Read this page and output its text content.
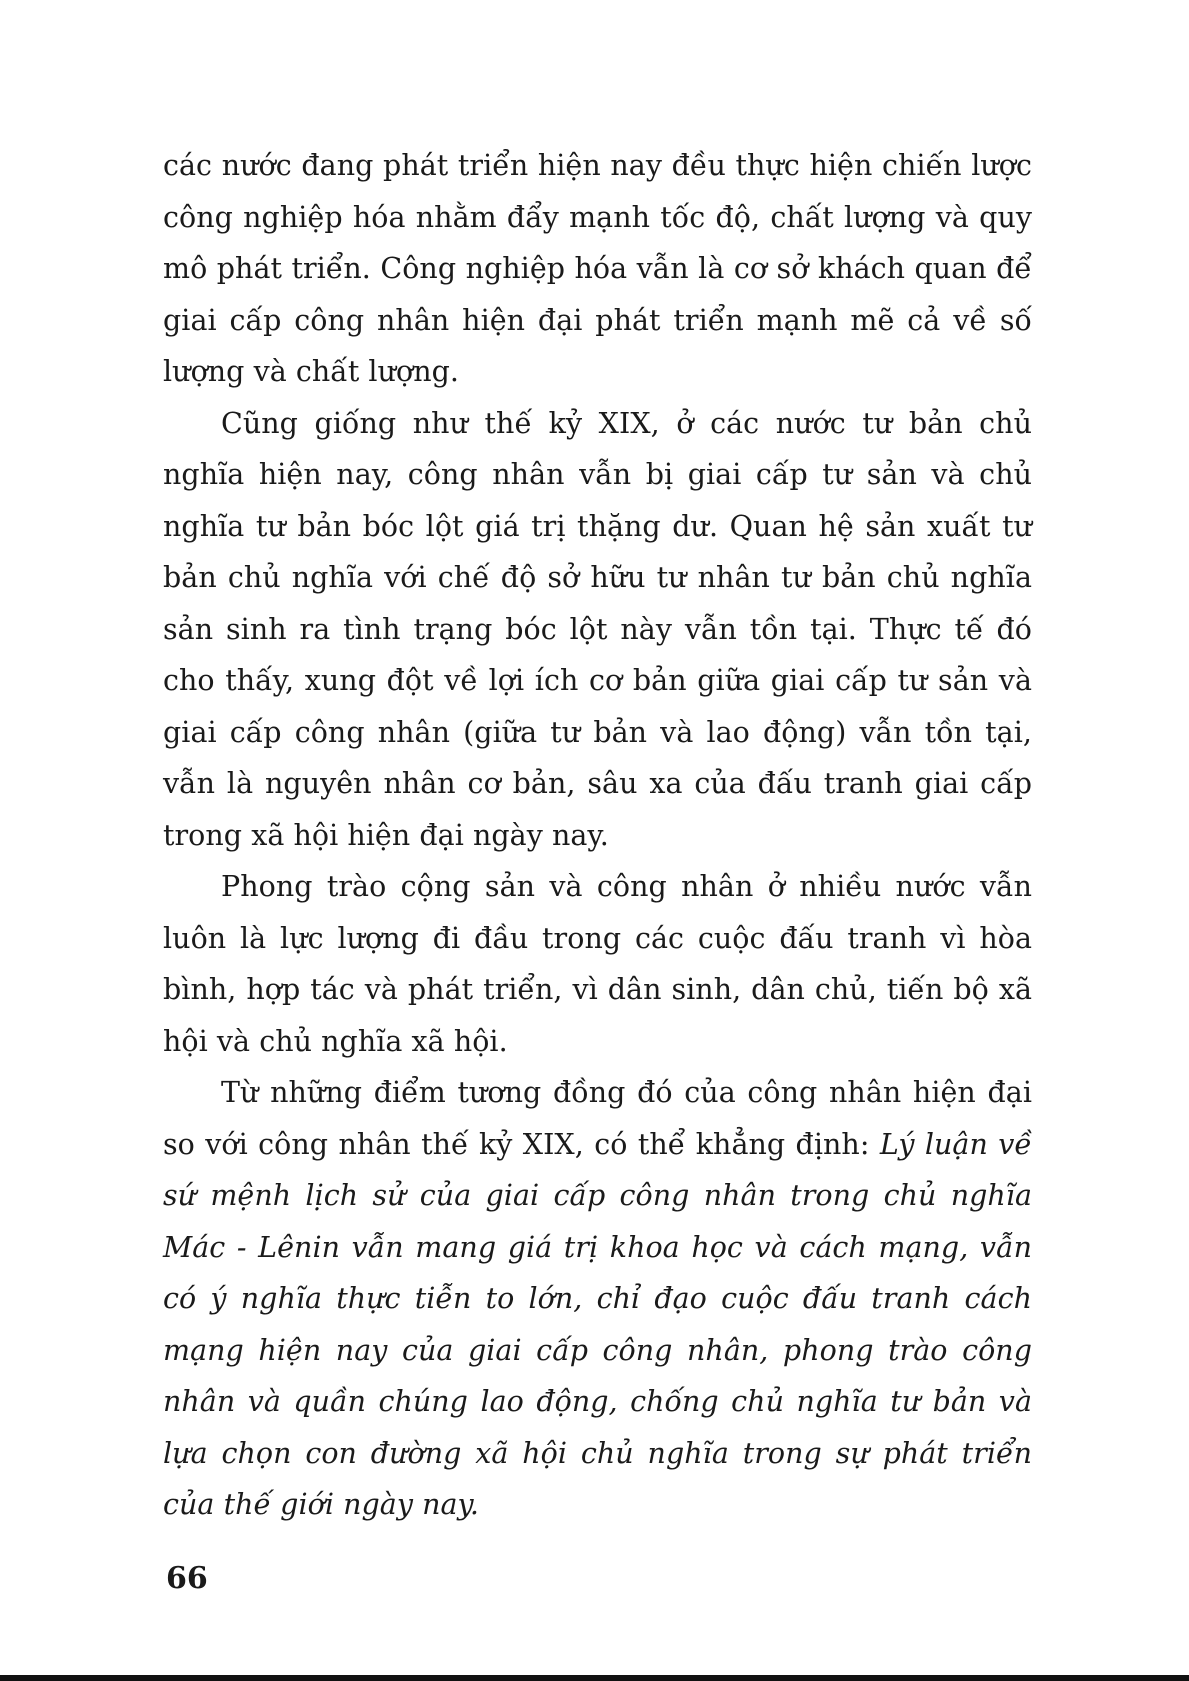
các nước đang phát triển hiện nay đều thực hiện chiến lược công nghiệp hóa nhằm đẩy mạnh tốc độ, chất lượng và quy mô phát triển. Công nghiệp hóa vẫn là cơ sở khách quan để giai cấp công nhân hiện đại phát triển mạnh mẽ cả về số lượng và chất lượng.

Cũng giống như thế kỷ XIX, ở các nước tư bản chủ nghĩa hiện nay, công nhân vẫn bị giai cấp tư sản và chủ nghĩa tư bản bóc lột giá trị thặng dư. Quan hệ sản xuất tư bản chủ nghĩa với chế độ sở hữu tư nhân tư bản chủ nghĩa sản sinh ra tình trạng bóc lột này vẫn tồn tại. Thực tế đó cho thấy, xung đột về lợi ích cơ bản giữa giai cấp tư sản và giai cấp công nhân (giữa tư bản và lao động) vẫn tồn tại, vẫn là nguyên nhân cơ bản, sâu xa của đấu tranh giai cấp trong xã hội hiện đại ngày nay.

Phong trào cộng sản và công nhân ở nhiều nước vẫn luôn là lực lượng đi đầu trong các cuộc đấu tranh vì hòa bình, hợp tác và phát triển, vì dân sinh, dân chủ, tiến bộ xã hội và chủ nghĩa xã hội.

Từ những điểm tương đồng đó của công nhân hiện đại so với công nhân thế kỷ XIX, có thể khẳng định: Lý luận về sứ mệnh lịch sử của giai cấp công nhân trong chủ nghĩa Mác - Lênin vẫn mang giá trị khoa học và cách mạng, vẫn có ý nghĩa thực tiễn to lớn, chỉ đạo cuộc đấu tranh cách mạng hiện nay của giai cấp công nhân, phong trào công nhân và quần chúng lao động, chống chủ nghĩa tư bản và lựa chọn con đường xã hội chủ nghĩa trong sự phát triển của thế giới ngày nay.

66
